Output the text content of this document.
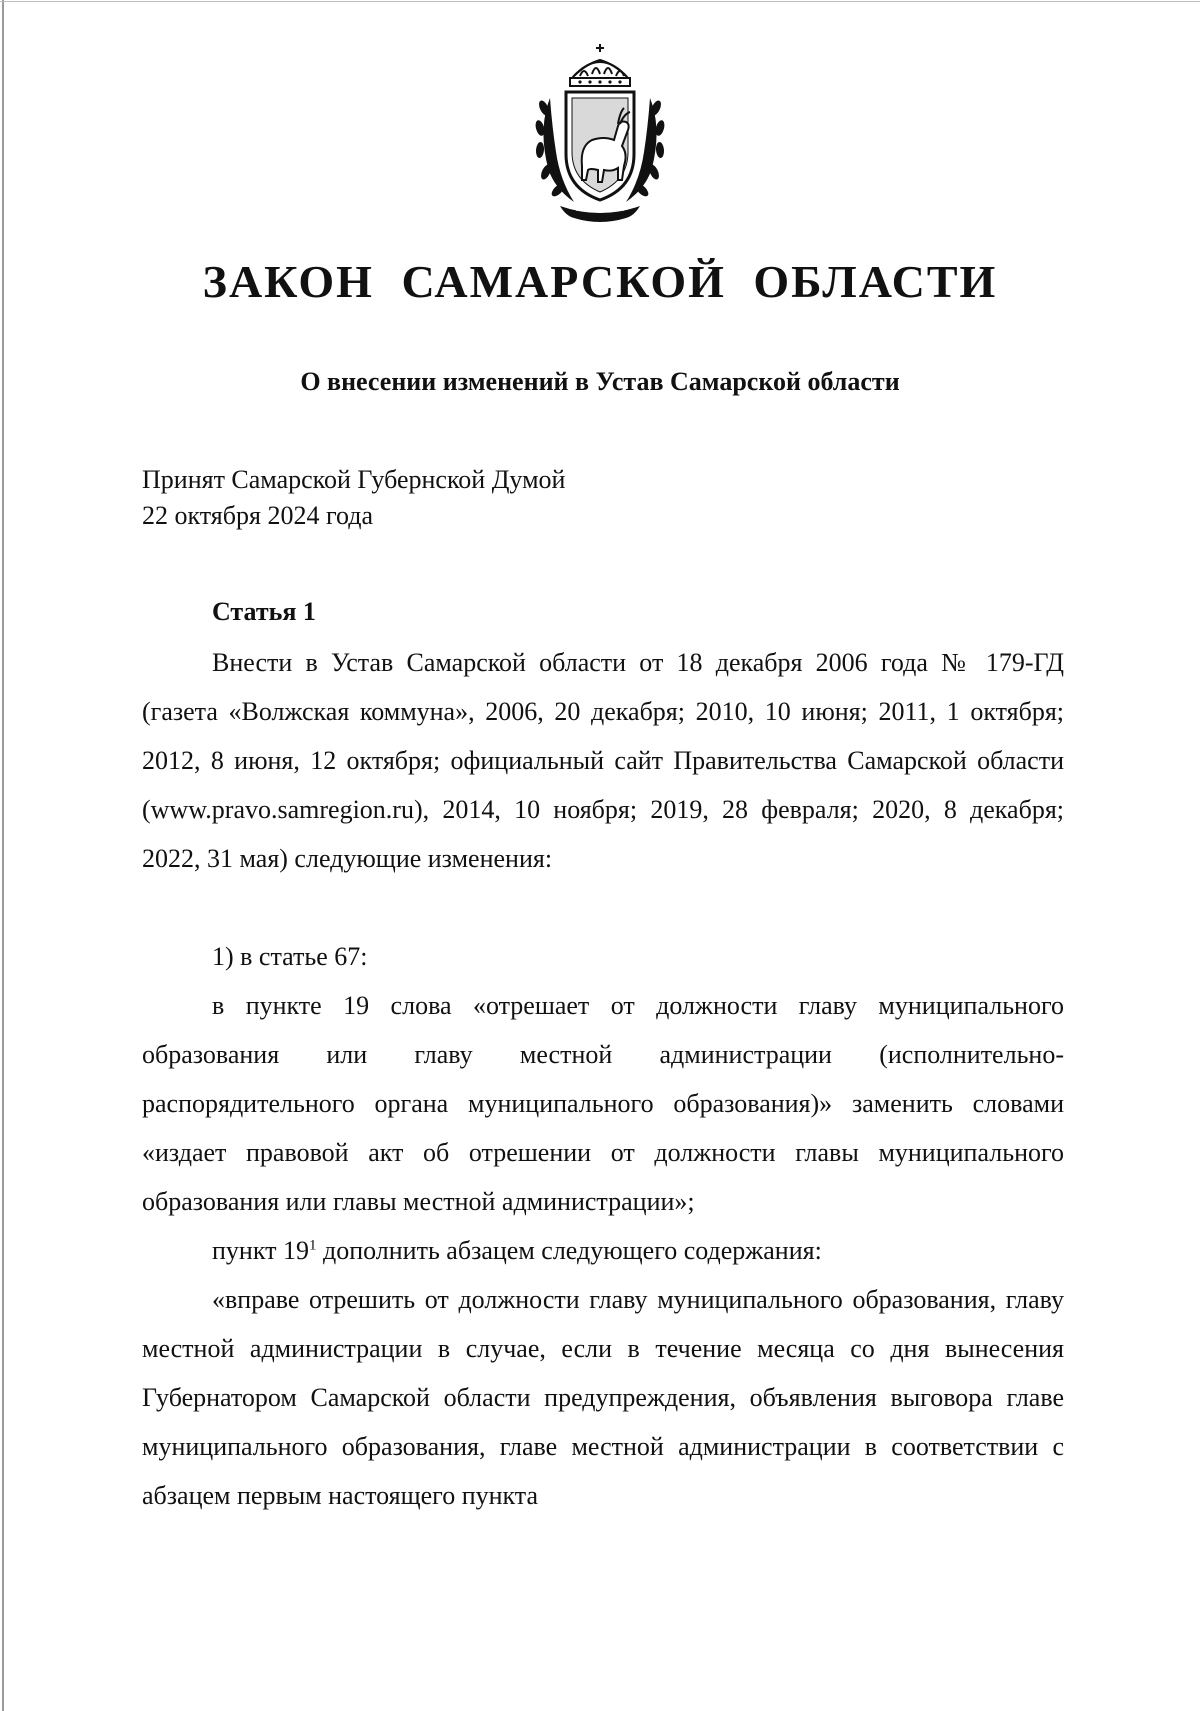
ЗАКОН САМАРСКОЙ ОБЛАСТИ
О внесении изменений в Устав Самарской области
Принят Самарской Губернской Думой
22 октября 2024 года
Статья 1

Внести в Устав Самарской области от 18 декабря 2006 года № 179-ГД (газета «Волжская коммуна», 2006, 20 декабря; 2010, 10 июня; 2011, 1 октября; 2012, 8 июня, 12 октября; официальный сайт Правительства Самарской области (www.pravo.samregion.ru), 2014, 10 ноября; 2019, 28 февраля; 2020, 8 декабря; 2022, 31 мая) следующие изменения:

1) в статье 67:

в пункте 19 слова «отрешает от должности главу муниципального образования или главу местной администрации (исполнительно-распорядительного органа муниципального образования)» заменить словами «издает правовой акт об отрешении от должности главы муниципального образования или главы местной администрации»;

пункт $19^1$ дополнить абзацем следующего содержания:

«вправе отрешить от должности главу муниципального образования, главу местной администрации в случае, если в течение месяца со дня вынесения Губернатором Самарской области предупреждения, объявления выговора главе муниципального образования, главе местной администрации в соответствии с абзацем первым настоящего пункта
